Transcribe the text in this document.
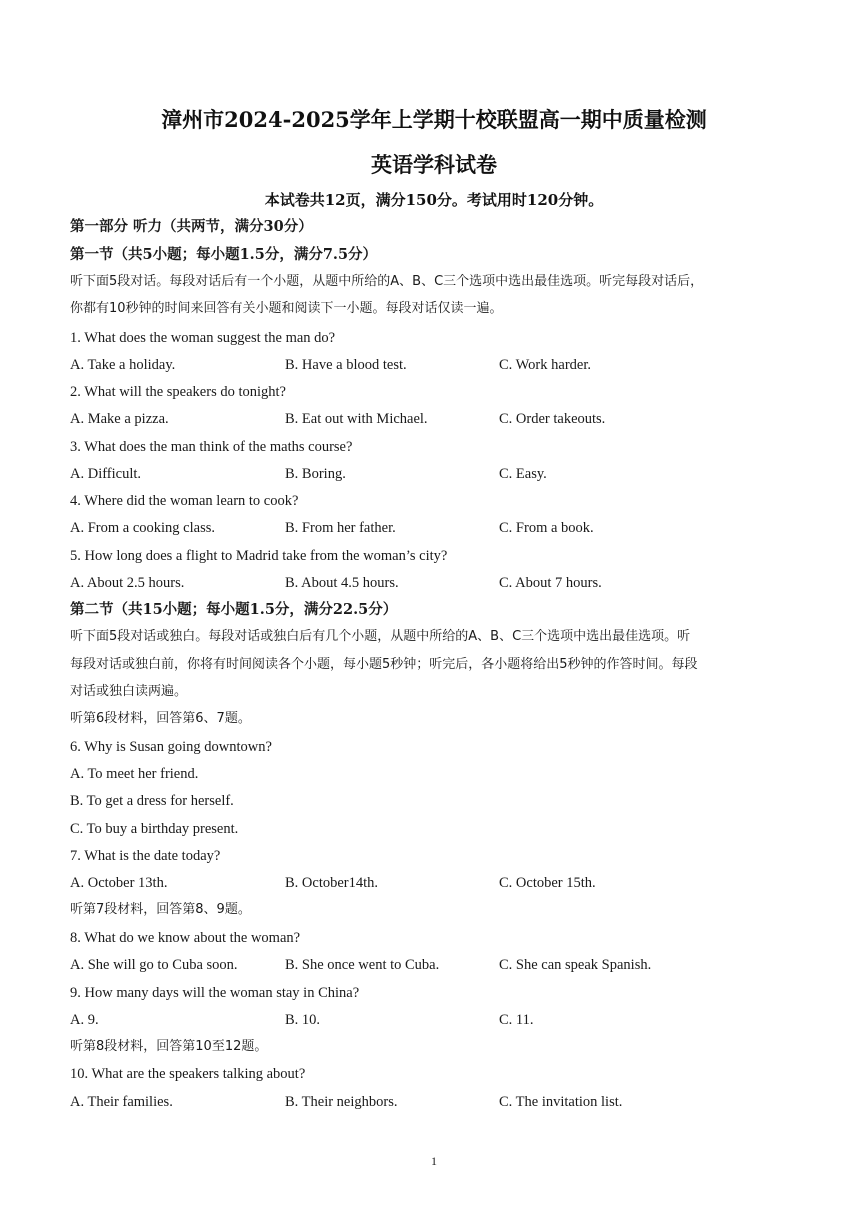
漳州市2024-2025学年上学期十校联盟高一期中质量检测
英语学科试卷
本试卷共12页，满分150分。考试用时120分钟。
第一部分 听力（共两节，满分30分）
第一节（共5小题；每小题1.5分，满分7.5分）
听下面5段对话。每段对话后有一个小题，从题中所给的A、B、C三个选项中选出最佳选项。听完每段对话后，
你都有10秒钟的时间来回答有关小题和阅读下一小题。每段对话仅读一遍。
1. What does the woman suggest the man do?
A. Take a holiday.	B. Have a blood test.	C. Work harder.
2. What will the speakers do tonight?
A. Make a pizza.	B. Eat out with Michael.	C. Order takeouts.
3. What does the man think of the maths course?
A. Difficult.	B. Boring.	C. Easy.
4. Where did the woman learn to cook?
A. From a cooking class.	B. From her father.	C. From a book.
5. How long does a flight to Madrid take from the woman’s city?
A. About 2.5 hours.	B. About 4.5 hours.	C. About 7 hours.
第二节（共15小题；每小题1.5分，满分22.5分）
听下面5段对话或独白。每段对话或独白后有几个小题，从题中所给的A、B、C三个选项中选出最佳选项。听
每段对话或独白前，你将有时间阅读各个小题，每小题5秒钟；听完后，各小题将给出5秒钟的作答时间。每段
对话或独白读两遍。
听第6段材料，回答第6、7题。
6. Why is Susan going downtown?
A. To meet her friend.
B. To get a dress for herself.
C. To buy a birthday present.
7. What is the date today?
A. October 13th.	B. October14th.	C. October 15th.
听第7段材料，回答第8、9题。
8. What do we know about the woman?
A. She will go to Cuba soon.	B. She once went to Cuba.	C. She can speak Spanish.
9. How many days will the woman stay in China?
A. 9.	B. 10.	C. 11.
听第8段材料，回答第10至12题。
10. What are the speakers talking about?
A. Their families.	B. Their neighbors.	C. The invitation list.
1
